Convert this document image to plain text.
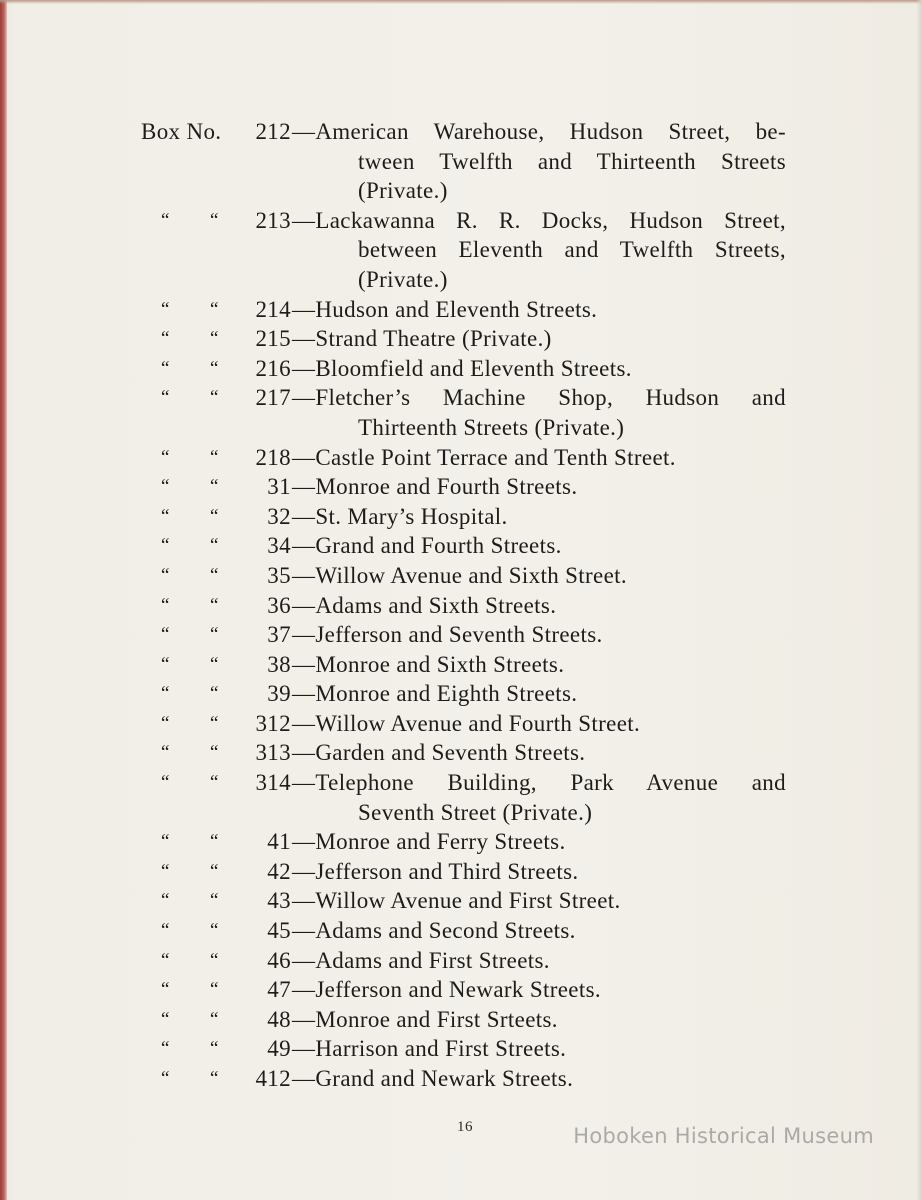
Box No. 212 —American Warehouse, Hudson Street, be-
tween Twelfth and Thirteenth Streets
(Private.)
“ “ 213 —Lackawanna R. R. Docks, Hudson Street,
between Eleventh and Twelfth Streets,
(Private.)
“ “ 214 —Hudson and Eleventh Streets.
“ “ 215 —Strand Theatre (Private.)
“ “ 216 —Bloomfield and Eleventh Streets.
“ “ 217 —Fletcher’s Machine Shop, Hudson and
Thirteenth Streets (Private.)
“ “ 218 —Castle Point Terrace and Tenth Street.
“ “ 31 —Monroe and Fourth Streets.
“ “ 32 —St. Mary’s Hospital.
“ “ 34 —Grand and Fourth Streets.
“ “ 35 —Willow Avenue and Sixth Street.
“ “ 36 —Adams and Sixth Streets.
“ “ 37 —Jefferson and Seventh Streets.
“ “ 38 —Monroe and Sixth Streets.
“ “ 39 —Monroe and Eighth Streets.
“ “ 312 —Willow Avenue and Fourth Street.
“ “ 313 —Garden and Seventh Streets.
“ “ 314 —Telephone Building, Park Avenue and
Seventh Street (Private.)
“ “ 41 —Monroe and Ferry Streets.
“ “ 42 —Jefferson and Third Streets.
“ “ 43 —Willow Avenue and First Street.
“ “ 45 —Adams and Second Streets.
“ “ 46 —Adams and First Streets.
“ “ 47 —Jefferson and Newark Streets.
“ “ 48 —Monroe and First Srteets.
“ “ 49 —Harrison and First Streets.
“ “ 412 —Grand and Newark Streets.
16	Hoboken Historical Museum
